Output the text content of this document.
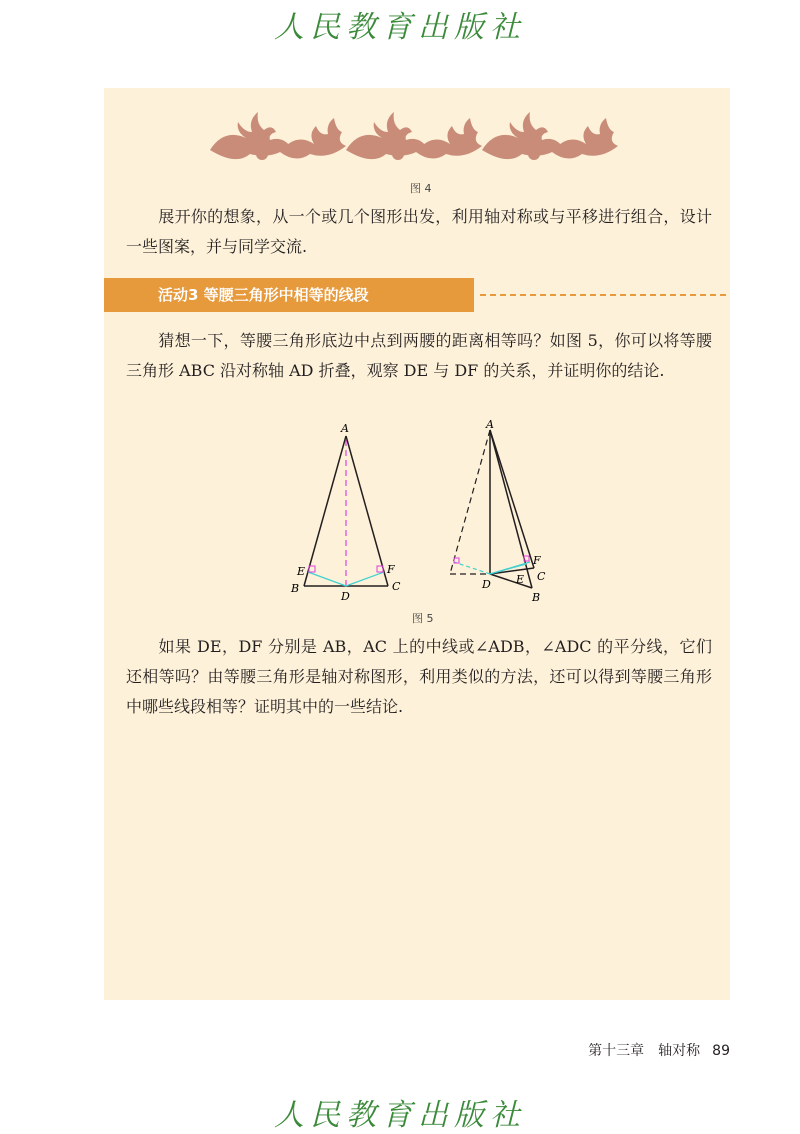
人民教育出版社
图 4
展开你的想象，从一个或几个图形出发，利用轴对称或与平移进行组合，设计一些图案，并与同学交流.
活动3 等腰三角形中相等的线段
猜想一下，等腰三角形底边中点到两腰的距离相等吗？如图 5，你可以将等腰三角形 ABC 沿对称轴 AD 折叠，观察 DE 与 DF 的关系，并证明你的结论.
A
B	C
D
E	F
A
B
C
D E
F
图 5
如果 DE，DF 分别是 AB，AC 上的中线或∠ADB，∠ADC 的平分线，它们还相等吗？由等腰三角形是轴对称图形，利用类似的方法，还可以得到等腰三角形中哪些线段相等？证明其中的一些结论.
第十三章　轴对称 89
人民教育出版社
